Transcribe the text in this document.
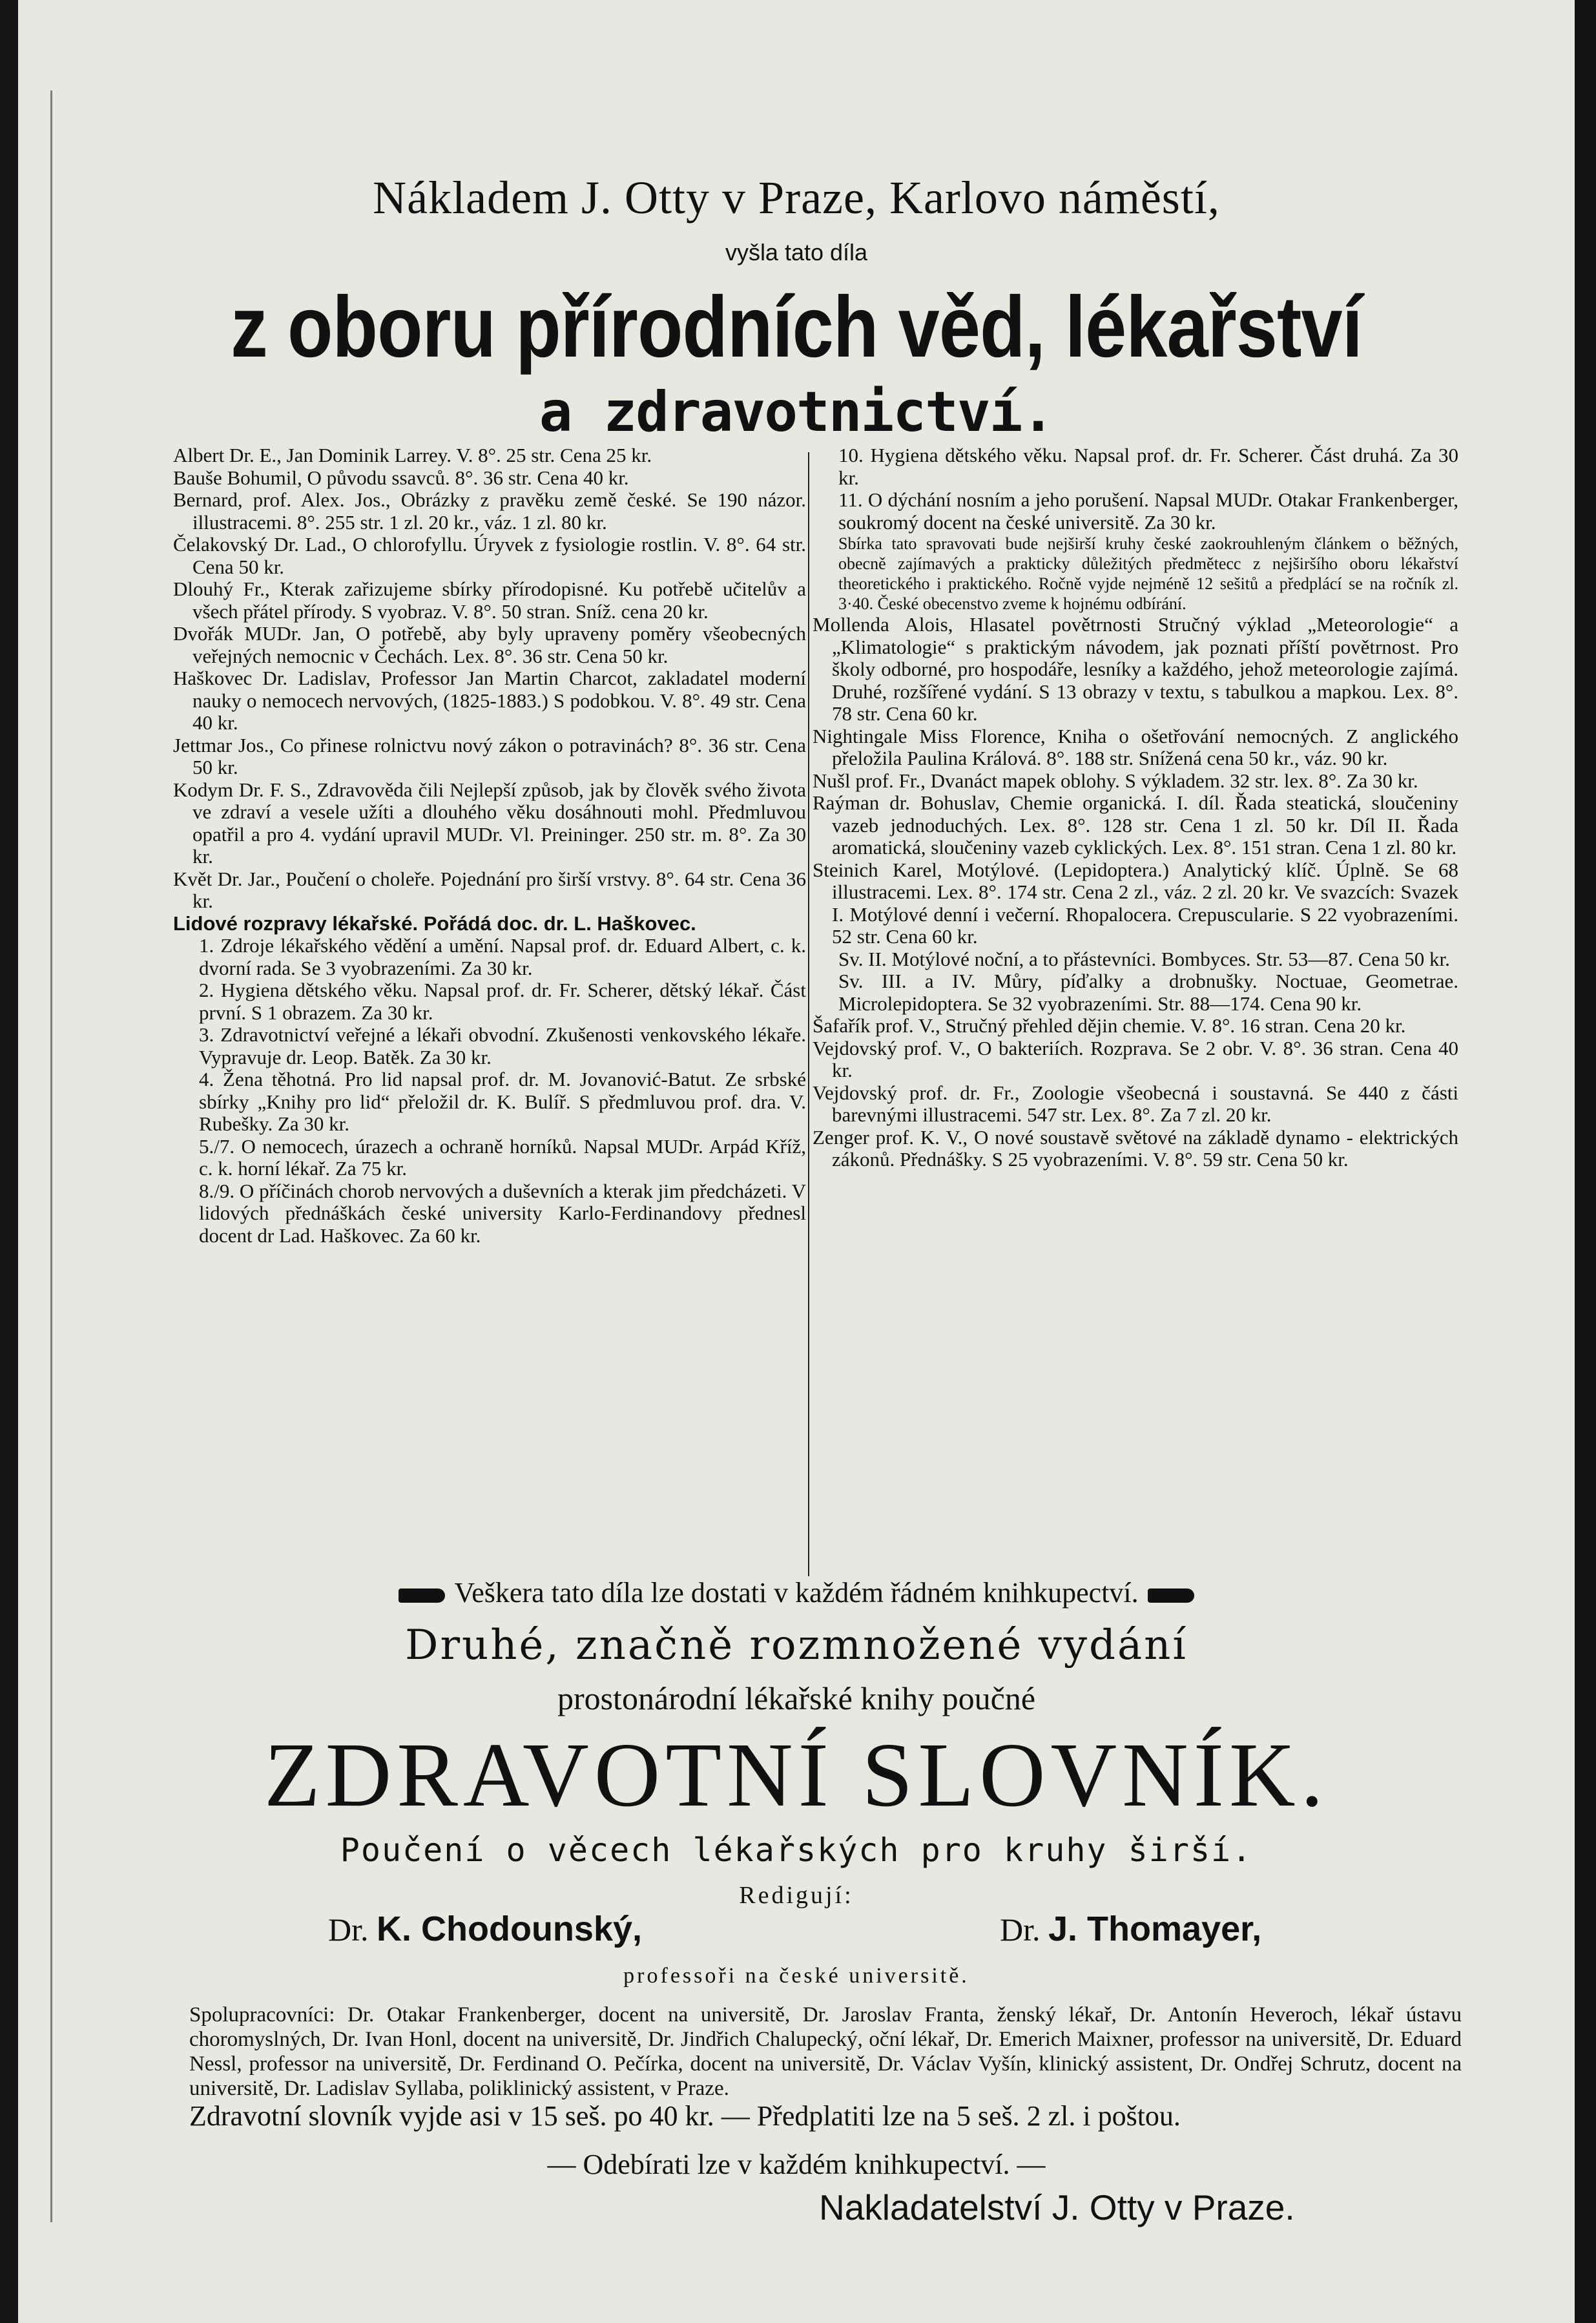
Nákladem J. Otty v Praze, Karlovo náměstí,
vyšla tato díla
z oboru přírodních věd, lékařství
a zdravotnictví.

Albert Dr. E., Jan Dominik Larrey. V. 8°. 25 str. Cena 25 kr.

Bauše Bohumil, O původu ssavců. 8°. 36 str. Cena 40 kr.

Bernard, prof. Alex. Jos., Obrázky z pravěku země české. Se 190 názor. illustracemi. 8°. 255 str. 1 zl. 20 kr., váz. 1 zl. 80 kr.

Čelakovský Dr. Lad., O chlorofyllu. Úryvek z fysiologie rostlin. V. 8°. 64 str. Cena 50 kr.

Dlouhý Fr., Kterak zařizujeme sbírky přírodopisné. Ku potřebě učitelův a všech přátel přírody. S vyobraz. V. 8°. 50 stran. Sníž. cena 20 kr.

Dvořák MUDr. Jan, O potřebě, aby byly upraveny poměry všeobecných veřejných nemocnic v Čechách. Lex. 8°. 36 str. Cena 50 kr.

Haškovec Dr. Ladislav, Professor Jan Martin Charcot, zakladatel moderní nauky o nemocech nervových, (1825-1883.) S podobkou. V. 8°. 49 str. Cena 40 kr.

Jettmar Jos., Co přinese rolnictvu nový zákon o potravinách? 8°. 36 str. Cena 50 kr.

Kodym Dr. F. S., Zdravověda čili Nejlepší způsob, jak by člověk svého života ve zdraví a vesele užíti a dlouhého věku dosáhnouti mohl. Předmluvou opatřil a pro 4. vydání upravil MUDr. Vl. Preininger. 250 str. m. 8°. Za 30 kr.

Květ Dr. Jar., Poučení o choleře. Pojednání pro širší vrstvy. 8°. 64 str. Cena 36 kr.

Lidové rozpravy lékařské. Pořádá doc. dr. L. Haškovec.

1. Zdroje lékařského vědění a umění. Napsal prof. dr. Eduard Albert, c. k. dvorní rada. Se 3 vyobrazeními. Za 30 kr.

2. Hygiena dětského věku. Napsal prof. dr. Fr. Scherer, dětský lékař. Část první. S 1 obrazem. Za 30 kr.

3. Zdravotnictví veřejné a lékaři obvodní. Zkušenosti venkovského lékaře. Vypravuje dr. Leop. Batěk. Za 30 kr.

4. Žena těhotná. Pro lid napsal prof. dr. M. Jovanović-Batut. Ze srbské sbírky „Knihy pro lid“ přeložil dr. K. Bulíř. S předmluvou prof. dra. V. Rubešky. Za 30 kr.

5./7. O nemocech, úrazech a ochraně horníků. Napsal MUDr. Arpád Kříž, c. k. horní lékař. Za 75 kr.

8./9. O příčinách chorob nervových a duševních a kterak jim předcházeti. V lidových přednáškách české university Karlo-Ferdinandovy přednesl docent dr Lad. Haškovec. Za 60 kr.

10. Hygiena dětského věku. Napsal prof. dr. Fr. Scherer. Část druhá. Za 30 kr.

11. O dýchání nosním a jeho porušení. Napsal MUDr. Otakar Frankenberger, soukromý docent na české universitě. Za 30 kr.

Sbírka tato spravovati bude nejširší kruhy české zaokrouhleným článkem o běžných, obecně zajímavých a prakticky důležitých předmětecc z nejširšího oboru lékařství theoretického i praktického. Ročně vyjde nejméně 12 sešitů a předplácí se na ročník zl. 3·40. České obecenstvo zveme k hojnému odbírání.

Mollenda Alois, Hlasatel povětrnosti Stručný výklad „Meteorologie“ a „Klimatologie“ s praktickým návodem, jak poznati příští povětrnost. Pro školy odborné, pro hospodáře, lesníky a každého, jehož meteorologie zajímá. Druhé, rozšířené vydání. S 13 obrazy v textu, s tabulkou a mapkou. Lex. 8°. 78 str. Cena 60 kr.

Nightingale Miss Florence, Kniha o ošetřování nemocných. Z anglického přeložila Paulina Králová. 8°. 188 str. Snížená cena 50 kr., váz. 90 kr.

Nušl prof. Fr., Dvanáct mapek oblohy. S výkladem. 32 str. lex. 8°. Za 30 kr.

Raýman dr. Bohuslav, Chemie organická. I. díl. Řada steatická, sloučeniny vazeb jednoduchých. Lex. 8°. 128 str. Cena 1 zl. 50 kr. Díl II. Řada aromatická, sloučeniny vazeb cyklických. Lex. 8°. 151 stran. Cena 1 zl. 80 kr.

Steinich Karel, Motýlové. (Lepidoptera.) Analytický klíč. Úplně. Se 68 illustracemi. Lex. 8°. 174 str. Cena 2 zl., váz. 2 zl. 20 kr. Ve svazcích: Svazek I. Motýlové denní i večerní. Rhopalocera. Crepuscularie. S 22 vyobrazeními. 52 str. Cena 60 kr.

Sv. II. Motýlové noční, a to přástevníci. Bombyces. Str. 53—87. Cena 50 kr.

Sv. III. a IV. Můry, píďalky a drobnušky. Noctuae, Geometrae. Microlepidoptera. Se 32 vyobrazeními. Str. 88—174. Cena 90 kr.

Šafařík prof. V., Stručný přehled dějin chemie. V. 8°. 16 stran. Cena 20 kr.

Vejdovský prof. V., O bakteriích. Rozprava. Se 2 obr. V. 8°. 36 stran. Cena 40 kr.

Vejdovský prof. dr. Fr., Zoologie všeobecná i soustavná. Se 440 z části barevnými illustracemi. 547 str. Lex. 8°. Za 7 zl. 20 kr.

Zenger prof. K. V., O nové soustavě světové na základě dynamo - elektrických zákonů. Přednášky. S 25 vyobrazeními. V. 8°. 59 str. Cena 50 kr.

Veškera tato díla lze dostati v každém řádném knihkupectví.
Druhé, značně rozmnožené vydání
prostonárodní lékařské knihy poučné
ZDRAVOTNÍ SLOVNÍK.
Poučení o věcech lékařských pro kruhy širší.
Redigují:
Dr. K. Chodounský,	Dr. J. Thomayer,
professoři na české universitě.
Spolupracovníci: Dr. Otakar Frankenberger, docent na universitě, Dr. Jaroslav Franta, ženský lékař, Dr. Antonín Heveroch, lékař ústavu choromyslných, Dr. Ivan Honl, docent na universitě, Dr. Jindřich Chalupecký, oční lékař, Dr. Emerich Maixner, professor na universitě, Dr. Eduard Nessl, professor na universitě, Dr. Ferdinand O. Pečírka, docent na universitě, Dr. Václav Vyšín, klinický assistent, Dr. Ondřej Schrutz, docent na universitě, Dr. Ladislav Syllaba, poliklinický assistent, v Praze.
Zdravotní slovník vyjde asi v 15 seš. po 40 kr. — Předplatiti lze na 5 seš. 2 zl. i poštou.
— Odebírati lze v každém knihkupectví. —
Nakladatelství J. Otty v Praze.
